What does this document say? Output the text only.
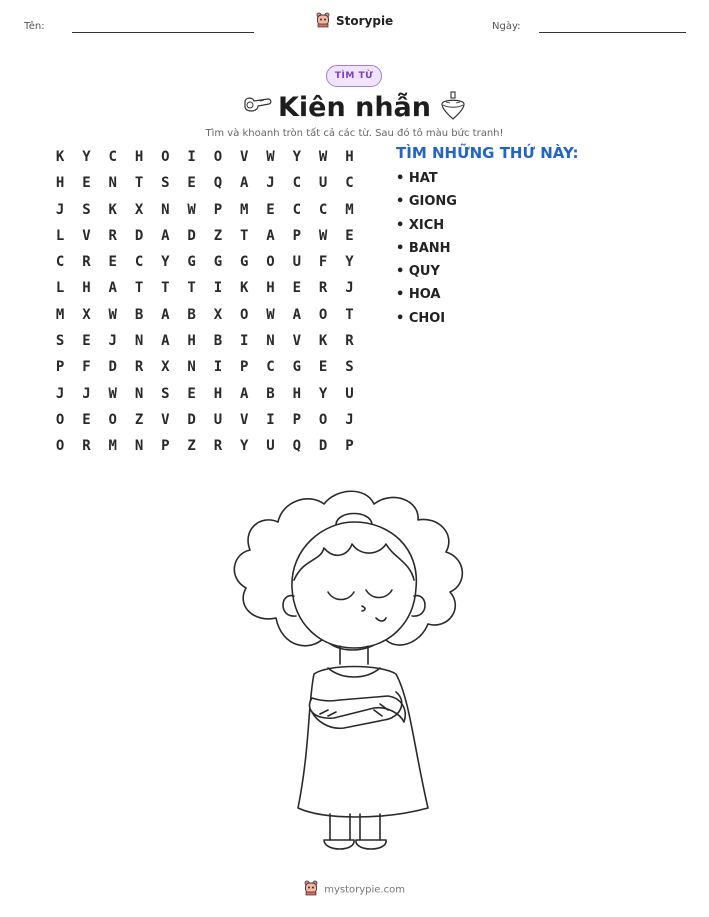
Tên:	Storypie	Ngày:
TÌM TỪ
Kiên nhẫn
Tìm và khoanh tròn tất cả các từ. Sau đó tô màu bức tranh!
K Y C H O I O V W Y W H
H E N T S E Q A J C U C
J S K X N W P M E C C M
L V R D A D Z T A P W E
C R E C Y G G G O U F Y
L H A T T T I K H E R J
M X W B A B X O W A O T
S E J N A H B I N V K R
P F D R X N I P C G E S
J J W N S E H A B H Y U
O E O Z V D U V I P O J
O R M N P Z R Y U Q D P
TÌM NHỮNG THỨ NÀY:
• HAT
• GIONG
• XICH
• BANH
• QUY
• HOA
• CHOI
mystorypie.com
